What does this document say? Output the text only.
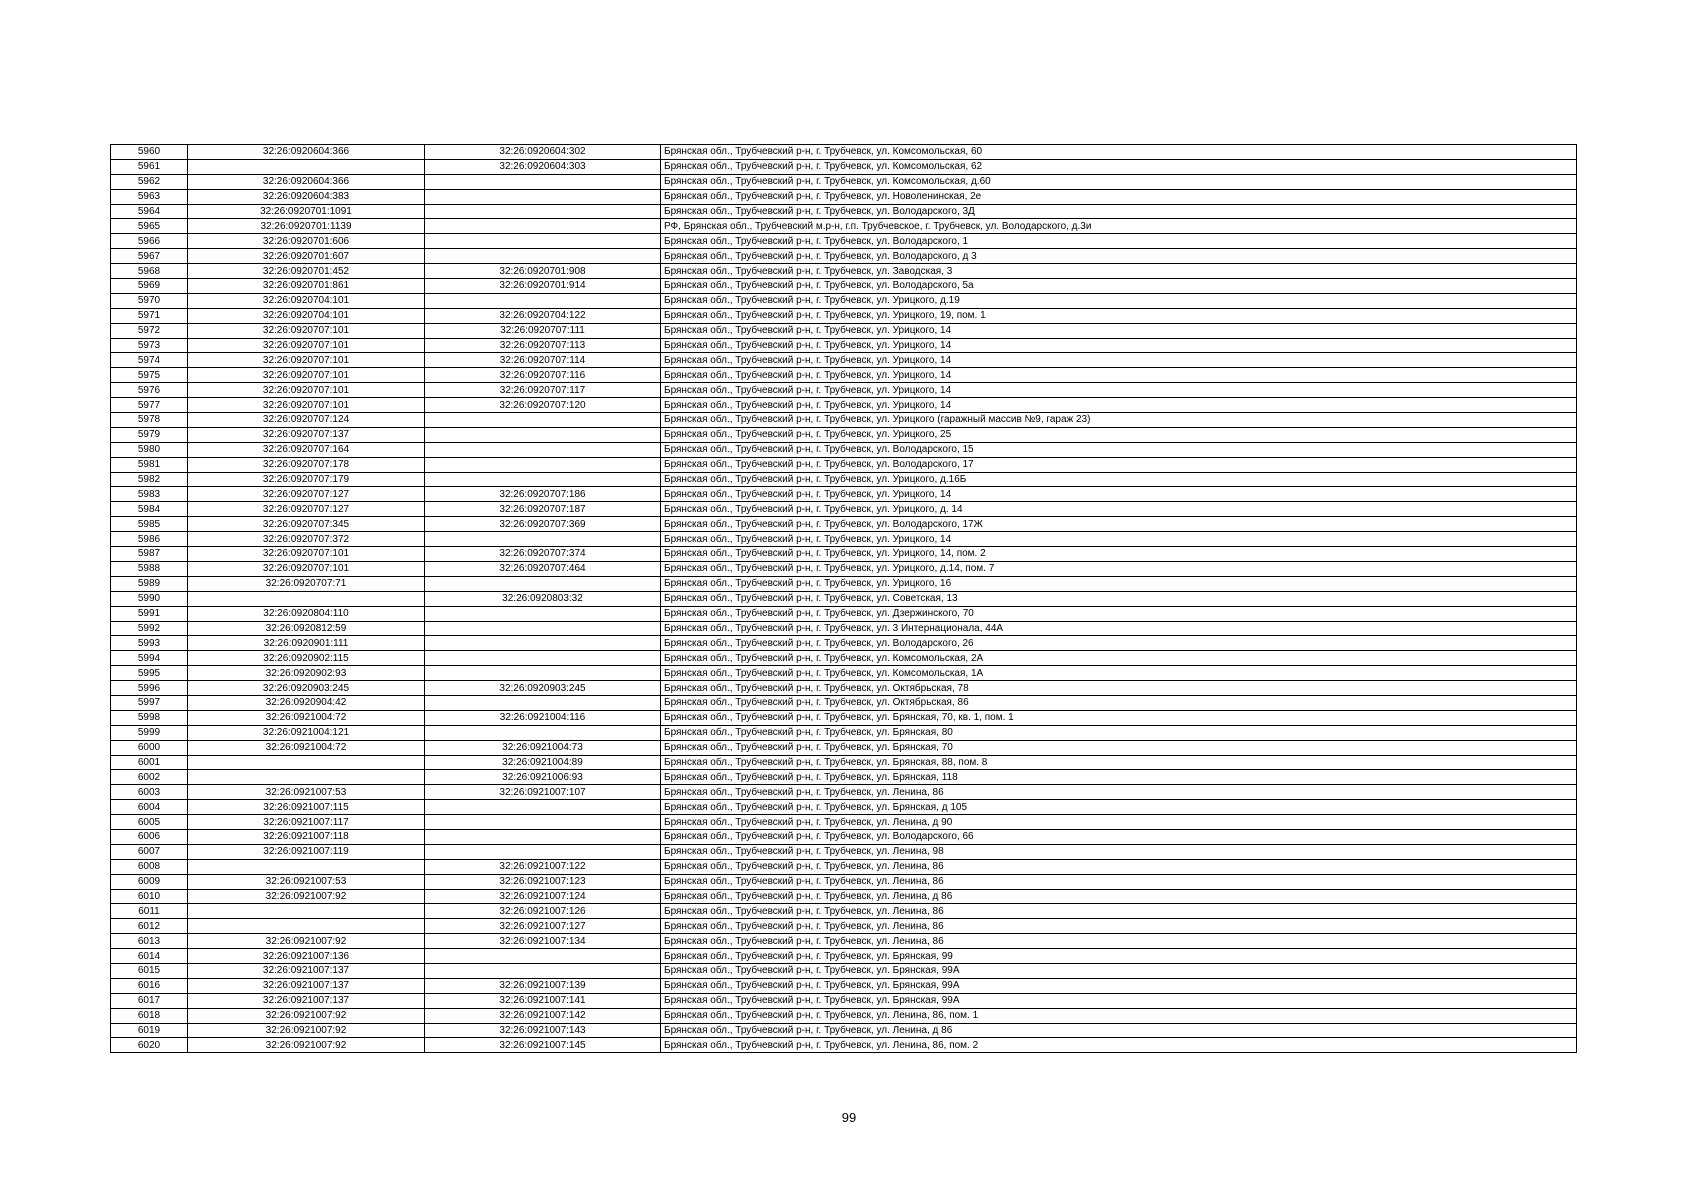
5960	32:26:0920604:366	32:26:0920604:302	Брянская обл., Трубчевский р-н, г. Трубчевск, ул. Комсомольская, 60
5961		32:26:0920604:303	Брянская обл., Трубчевский р-н, г. Трубчевск, ул. Комсомольская, 62
5962	32:26:0920604:366		Брянская обл., Трубчевский р-н, г. Трубчевск, ул. Комсомольская, д.60
5963	32:26:0920604:383		Брянская обл., Трубчевский р-н, г. Трубчевск, ул. Новоленинская, 2е
5964	32:26:0920701:1091		Брянская обл., Трубчевский р-н, г. Трубчевск, ул. Володарского, 3Д
5965	32:26:0920701:1139		РФ, Брянская обл., Трубчевский м.р-н, г.п. Трубчевское, г. Трубчевск, ул. Володарского, д.3и
5966	32:26:0920701:606		Брянская обл., Трубчевский р-н, г. Трубчевск, ул. Володарского, 1
5967	32:26:0920701:607		Брянская обл., Трубчевский р-н, г. Трубчевск, ул. Володарского, д 3
5968	32:26:0920701:452	32:26:0920701:908	Брянская обл., Трубчевский р-н, г. Трубчевск, ул. Заводская, 3
5969	32:26:0920701:861	32:26:0920701:914	Брянская обл., Трубчевский р-н, г. Трубчевск, ул. Володарского, 5а
5970	32:26:0920704:101		Брянская обл., Трубчевский р-н, г. Трубчевск, ул. Урицкого, д.19
5971	32:26:0920704:101	32:26:0920704:122	Брянская обл., Трубчевский р-н, г. Трубчевск, ул. Урицкого, 19, пом. 1
5972	32:26:0920707:101	32:26:0920707:111	Брянская обл., Трубчевский р-н, г. Трубчевск, ул. Урицкого, 14
5973	32:26:0920707:101	32:26:0920707:113	Брянская обл., Трубчевский р-н, г. Трубчевск, ул. Урицкого, 14
5974	32:26:0920707:101	32:26:0920707:114	Брянская обл., Трубчевский р-н, г. Трубчевск, ул. Урицкого, 14
5975	32:26:0920707:101	32:26:0920707:116	Брянская обл., Трубчевский р-н, г. Трубчевск, ул. Урицкого, 14
5976	32:26:0920707:101	32:26:0920707:117	Брянская обл., Трубчевский р-н, г. Трубчевск, ул. Урицкого, 14
5977	32:26:0920707:101	32:26:0920707:120	Брянская обл., Трубчевский р-н, г. Трубчевск, ул. Урицкого, 14
5978	32:26:0920707:124		Брянская обл., Трубчевский р-н, г. Трубчевск, ул. Урицкого (гаражный массив №9, гараж 23)
5979	32:26:0920707:137		Брянская обл., Трубчевский р-н, г. Трубчевск, ул. Урицкого, 25
5980	32:26:0920707:164		Брянская обл., Трубчевский р-н, г. Трубчевск, ул. Володарского, 15
5981	32:26:0920707:178		Брянская обл., Трубчевский р-н, г. Трубчевск, ул. Володарского, 17
5982	32:26:0920707:179		Брянская обл., Трубчевский р-н, г. Трубчевск, ул. Урицкого, д.16Б
5983	32:26:0920707:127	32:26:0920707:186	Брянская обл., Трубчевский р-н, г. Трубчевск, ул. Урицкого, 14
5984	32:26:0920707:127	32:26:0920707:187	Брянская обл., Трубчевский р-н, г. Трубчевск, ул. Урицкого, д. 14
5985	32:26:0920707:345	32:26:0920707:369	Брянская обл., Трубчевский р-н, г. Трубчевск, ул. Володарского, 17Ж
5986	32:26:0920707:372		Брянская обл., Трубчевский р-н, г. Трубчевск, ул. Урицкого, 14
5987	32:26:0920707:101	32:26:0920707:374	Брянская обл., Трубчевский р-н, г. Трубчевск, ул. Урицкого, 14, пом. 2
5988	32:26:0920707:101	32:26:0920707:464	Брянская обл., Трубчевский р-н, г. Трубчевск, ул. Урицкого, д.14, пом. 7
5989	32:26:0920707:71		Брянская обл., Трубчевский р-н, г. Трубчевск, ул. Урицкого, 16
5990		32:26:0920803:32	Брянская обл., Трубчевский р-н, г. Трубчевск, ул. Советская, 13
5991	32:26:0920804:110		Брянская обл., Трубчевский р-н, г. Трубчевск, ул. Дзержинского, 70
5992	32:26:0920812:59		Брянская обл., Трубчевский р-н, г. Трубчевск, ул. 3 Интернационала, 44А
5993	32:26:0920901:111		Брянская обл., Трубчевский р-н, г. Трубчевск, ул. Володарского, 26
5994	32:26:0920902:115		Брянская обл., Трубчевский р-н, г. Трубчевск, ул. Комсомольская, 2А
5995	32:26:0920902:93		Брянская обл., Трубчевский р-н, г. Трубчевск, ул. Комсомольская, 1А
5996	32:26:0920903:245	32:26:0920903:245	Брянская обл., Трубчевский р-н, г. Трубчевск, ул. Октябрьская, 78
5997	32:26:0920904:42		Брянская обл., Трубчевский р-н, г. Трубчевск, ул. Октябрьская, 86
5998	32:26:0921004:72	32:26:0921004:116	Брянская обл., Трубчевский р-н, г. Трубчевск, ул. Брянская, 70, кв. 1, пом. 1
5999	32:26:0921004:121		Брянская обл., Трубчевский р-н, г. Трубчевск, ул. Брянская, 80
6000	32:26:0921004:72	32:26:0921004:73	Брянская обл., Трубчевский р-н, г. Трубчевск, ул. Брянская, 70
6001		32:26:0921004:89	Брянская обл., Трубчевский р-н, г. Трубчевск, ул. Брянская, 88, пом. 8
6002		32:26:0921006:93	Брянская обл., Трубчевский р-н, г. Трубчевск, ул. Брянская, 118
6003	32:26:0921007:53	32:26:0921007:107	Брянская обл., Трубчевский р-н, г. Трубчевск, ул. Ленина, 86
6004	32:26:0921007:115		Брянская обл., Трубчевский р-н, г. Трубчевск, ул. Брянская, д 105
6005	32:26:0921007:117		Брянская обл., Трубчевский р-н, г. Трубчевск, ул. Ленина, д 90
6006	32:26:0921007:118		Брянская обл., Трубчевский р-н, г. Трубчевск, ул. Володарского, 66
6007	32:26:0921007:119		Брянская обл., Трубчевский р-н, г. Трубчевск, ул. Ленина, 98
6008		32:26:0921007:122	Брянская обл., Трубчевский р-н, г. Трубчевск, ул. Ленина, 86
6009	32:26:0921007:53	32:26:0921007:123	Брянская обл., Трубчевский р-н, г. Трубчевск, ул. Ленина, 86
6010	32:26:0921007:92	32:26:0921007:124	Брянская обл., Трубчевский р-н, г. Трубчевск, ул. Ленина, д 86
6011		32:26:0921007:126	Брянская обл., Трубчевский р-н, г. Трубчевск, ул. Ленина, 86
6012		32:26:0921007:127	Брянская обл., Трубчевский р-н, г. Трубчевск, ул. Ленина, 86
6013	32:26:0921007:92	32:26:0921007:134	Брянская обл., Трубчевский р-н, г. Трубчевск, ул. Ленина, 86
6014	32:26:0921007:136		Брянская обл., Трубчевский р-н, г. Трубчевск, ул. Брянская, 99
6015	32:26:0921007:137		Брянская обл., Трубчевский р-н, г. Трубчевск, ул. Брянская, 99А
6016	32:26:0921007:137	32:26:0921007:139	Брянская обл., Трубчевский р-н, г. Трубчевск, ул. Брянская, 99А
6017	32:26:0921007:137	32:26:0921007:141	Брянская обл., Трубчевский р-н, г. Трубчевск, ул. Брянская, 99А
6018	32:26:0921007:92	32:26:0921007:142	Брянская обл., Трубчевский р-н, г. Трубчевск, ул. Ленина, 86, пом. 1
6019	32:26:0921007:92	32:26:0921007:143	Брянская обл., Трубчевский р-н, г. Трубчевск, ул. Ленина, д 86
6020	32:26:0921007:92	32:26:0921007:145	Брянская обл., Трубчевский р-н, г. Трубчевск, ул. Ленина, 86, пом. 2
99
